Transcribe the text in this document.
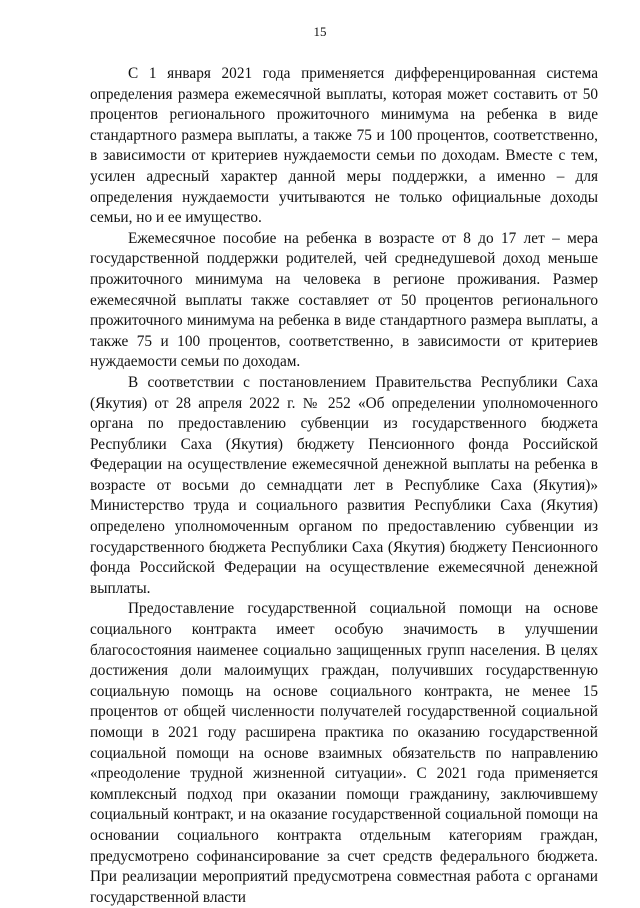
15

С 1 января 2021 года применяется дифференцированная система определения размера ежемесячной выплаты, которая может составить от 50 процентов регионального прожиточного минимума на ребенка в виде стандартного размера выплаты, а также 75 и 100 процентов, соответственно, в зависимости от критериев нуждаемости семьи по доходам. Вместе с тем, усилен адресный характер данной меры поддержки, а именно – для определения нуждаемости учитываются не только официальные доходы семьи, но и ее имущество.

Ежемесячное пособие на ребенка в возрасте от 8 до 17 лет – мера государственной поддержки родителей, чей среднедушевой доход меньше прожиточного минимума на человека в регионе проживания. Размер ежемесячной выплаты также составляет от 50 процентов регионального прожиточного минимума на ребенка в виде стандартного размера выплаты, а также 75 и 100 процентов, соответственно, в зависимости от критериев нуждаемости семьи по доходам.

В соответствии с постановлением Правительства Республики Саха (Якутия) от 28 апреля 2022 г. № 252 «Об определении уполномоченного органа по предоставлению субвенции из государственного бюджета Республики Саха (Якутия) бюджету Пенсионного фонда Российской Федерации на осуществление ежемесячной денежной выплаты на ребенка в возрасте от восьми до семнадцати лет в Республике Саха (Якутия)» Министерство труда и социального развития Республики Саха (Якутия) определено уполномоченным органом по предоставлению субвенции из государственного бюджета Республики Саха (Якутия) бюджету Пенсионного фонда Российской Федерации на осуществление ежемесячной денежной выплаты.

Предоставление государственной социальной помощи на основе социального контракта имеет особую значимость в улучшении благосостояния наименее социально защищенных групп населения. В целях достижения доли малоимущих граждан, получивших государственную социальную помощь на основе социального контракта, не менее 15 процентов от общей численности получателей государственной социальной помощи в 2021 году расширена практика по оказанию государственной социальной помощи на основе взаимных обязательств по направлению «преодоление трудной жизненной ситуации». С 2021 года применяется комплексный подход при оказании помощи гражданину, заключившему социальный контракт, и на оказание государственной социальной помощи на основании социального контракта отдельным категориям граждан, предусмотрено софинансирование за счет средств федерального бюджета. При реализации мероприятий предусмотрена совместная работа с органами государственной власти
